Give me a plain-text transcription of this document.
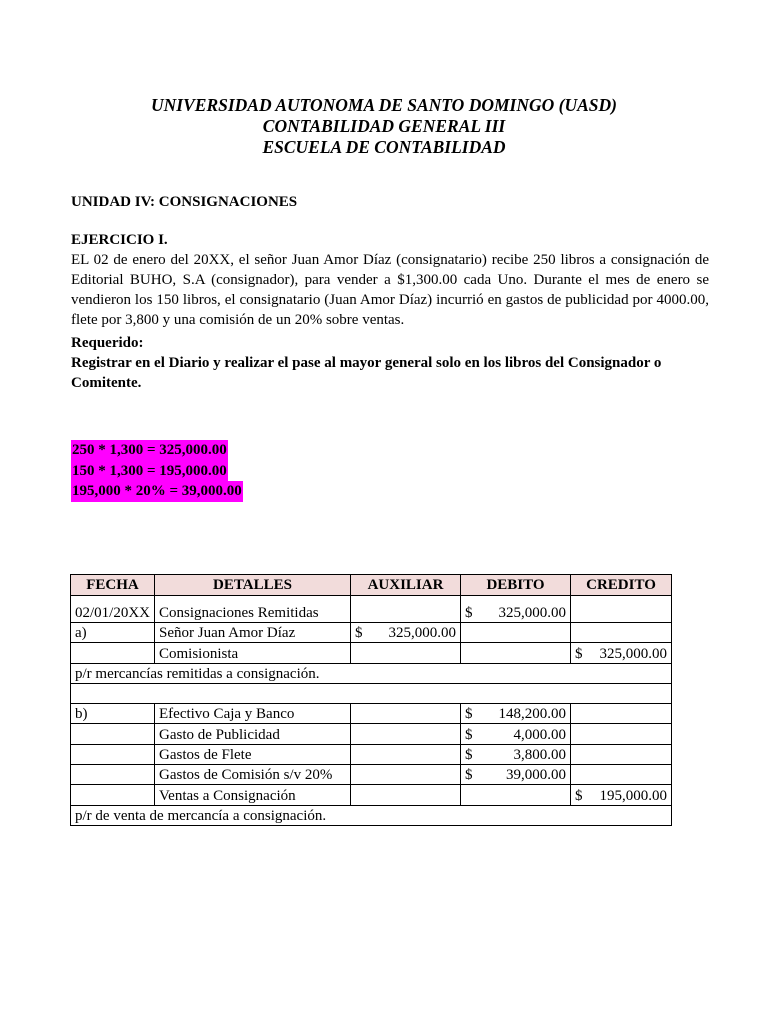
UNIVERSIDAD AUTONOMA DE SANTO DOMINGO (UASD)
CONTABILIDAD GENERAL III
ESCUELA DE CONTABILIDAD
UNIDAD IV: CONSIGNACIONES
EJERCICIO I.
EL 02 de enero del 20XX, el señor Juan Amor Díaz (consignatario) recibe 250 libros a consignación de Editorial BUHO, S.A (consignador), para vender a $1,300.00 cada Uno. Durante el mes de enero se vendieron los 150 libros, el consignatario (Juan Amor Díaz) incurrió en gastos de publicidad por 4000.00, flete por 3,800 y una comisión de un 20% sobre ventas.
Requerido:
Registrar en el Diario y realizar el pase al mayor general solo en los libros del Consignador o Comitente.
250 * 1,300 = 325,000.00
150 * 1,300 = 195,000.00
195,000 * 20% = 39,000.00
FECHA	DETALLES	AUXILIAR	DEBITO	CREDITO
02/01/20XX	Consignaciones Remitidas		$ 325,000.00	

a)	Señor Juan Amor Díaz	$ 325,000.00		

	Comisionista			$ 325,000.00

p/r mercancías remitidas a consignación.				

b)	Efectivo Caja y Banco		$ 148,200.00	

	Gasto de Publicidad		$ 4,000.00	

	Gastos de Flete		$ 3,800.00	

	Gastos de Comisión s/v 20%		$ 39,000.00	

	Ventas a Consignación			$ 195,000.00

p/r de venta de mercancía a consignación.				
